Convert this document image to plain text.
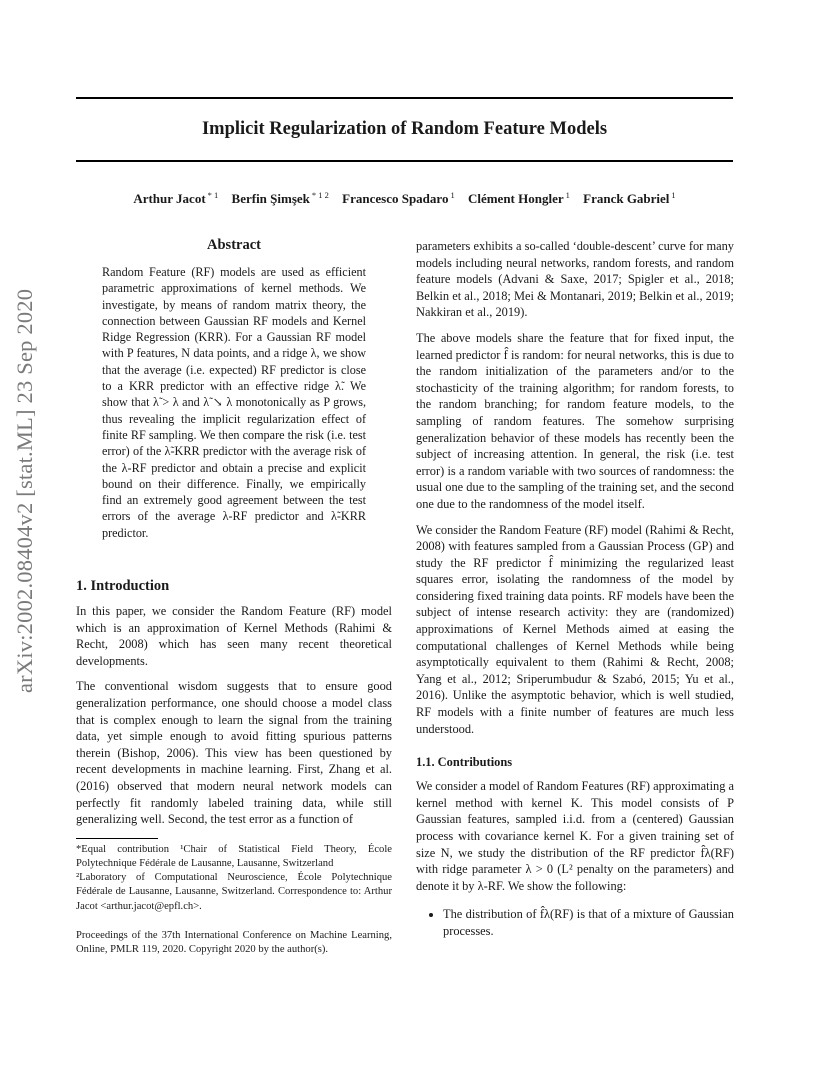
arXiv:2002.08404v2 [stat.ML] 23 Sep 2020
Implicit Regularization of Random Feature Models
Arthur Jacot $^{* 1}$ Berfin Şimşek $^{* 1 2}$ Francesco Spadaro $^1$ Clément Hongler $^1$ Franck Gabriel $^1$
Abstract
Random Feature (RF) models are used as efficient parametric approximations of kernel methods. We investigate, by means of random matrix theory, the connection between Gaussian RF models and Kernel Ridge Regression (KRR). For a Gaussian RF model with P features, N data points, and a ridge λ, we show that the average (i.e. expected) RF predictor is close to a KRR predictor with an effective ridge λ̃. We show that λ̃ > λ and λ̃ ↘ λ monotonically as P grows, thus revealing the implicit regularization effect of finite RF sampling. We then compare the risk (i.e. test error) of the λ̃-KRR predictor with the average risk of the λ-RF predictor and obtain a precise and explicit bound on their difference. Finally, we empirically find an extremely good agreement between the test errors of the average λ-RF predictor and λ̃-KRR predictor.
1. Introduction

In this paper, we consider the Random Feature (RF) model which is an approximation of Kernel Methods (Rahimi & Recht, 2008) which has seen many recent theoretical developments.

The conventional wisdom suggests that to ensure good generalization performance, one should choose a model class that is complex enough to learn the signal from the training data, yet simple enough to avoid fitting spurious patterns therein (Bishop, 2006). This view has been questioned by recent developments in machine learning. First, Zhang et al. (2016) observed that modern neural network models can perfectly fit randomly labeled training data, while still generalizing well. Second, the test error as a function of

*Equal contribution ¹Chair of Statistical Field Theory, École Polytechnique Fédérale de Lausanne, Lausanne, Switzerland

²Laboratory of Computational Neuroscience, École Polytechnique Fédérale de Lausanne, Lausanne, Switzerland. Correspondence to: Arthur Jacot <arthur.jacot@epfl.ch>.

Proceedings of the 37th International Conference on Machine Learning, Online, PMLR 119, 2020. Copyright 2020 by the author(s).

parameters exhibits a so-called ‘double-descent’ curve for many models including neural networks, random forests, and random feature models (Advani & Saxe, 2017; Spigler et al., 2018; Belkin et al., 2018; Mei & Montanari, 2019; Belkin et al., 2019; Nakkiran et al., 2019).

The above models share the feature that for fixed input, the learned predictor f̂ is random: for neural networks, this is due to the random initialization of the parameters and/or to the stochasticity of the training algorithm; for random forests, to the random branching; for random feature models, to the sampling of random features. The somehow surprising generalization behavior of these models has recently been the subject of increasing attention. In general, the risk (i.e. test error) is a random variable with two sources of randomness: the usual one due to the sampling of the training set, and the second one due to the randomness of the model itself.

We consider the Random Feature (RF) model (Rahimi & Recht, 2008) with features sampled from a Gaussian Process (GP) and study the RF predictor f̂ minimizing the regularized least squares error, isolating the randomness of the model by considering fixed training data points. RF models have been the subject of intense research activity: they are (randomized) approximations of Kernel Methods aimed at easing the computational challenges of Kernel Methods while being asymptotically equivalent to them (Rahimi & Recht, 2008; Yang et al., 2012; Sriperumbudur & Szabó, 2015; Yu et al., 2016). Unlike the asymptotic behavior, which is well studied, RF models with a finite number of features are much less understood.

1.1. Contributions

We consider a model of Random Features (RF) approximating a kernel method with kernel K. This model consists of P Gaussian features, sampled i.i.d. from a (centered) Gaussian process with covariance kernel K. For a given training set of size N, we study the distribution of the RF predictor f̂λ(RF) with ridge parameter λ > 0 (L² penalty on the parameters) and denote it by λ-RF. We show the following:

• The distribution of f̂λ(RF) is that of a mixture of Gaussian processes.
